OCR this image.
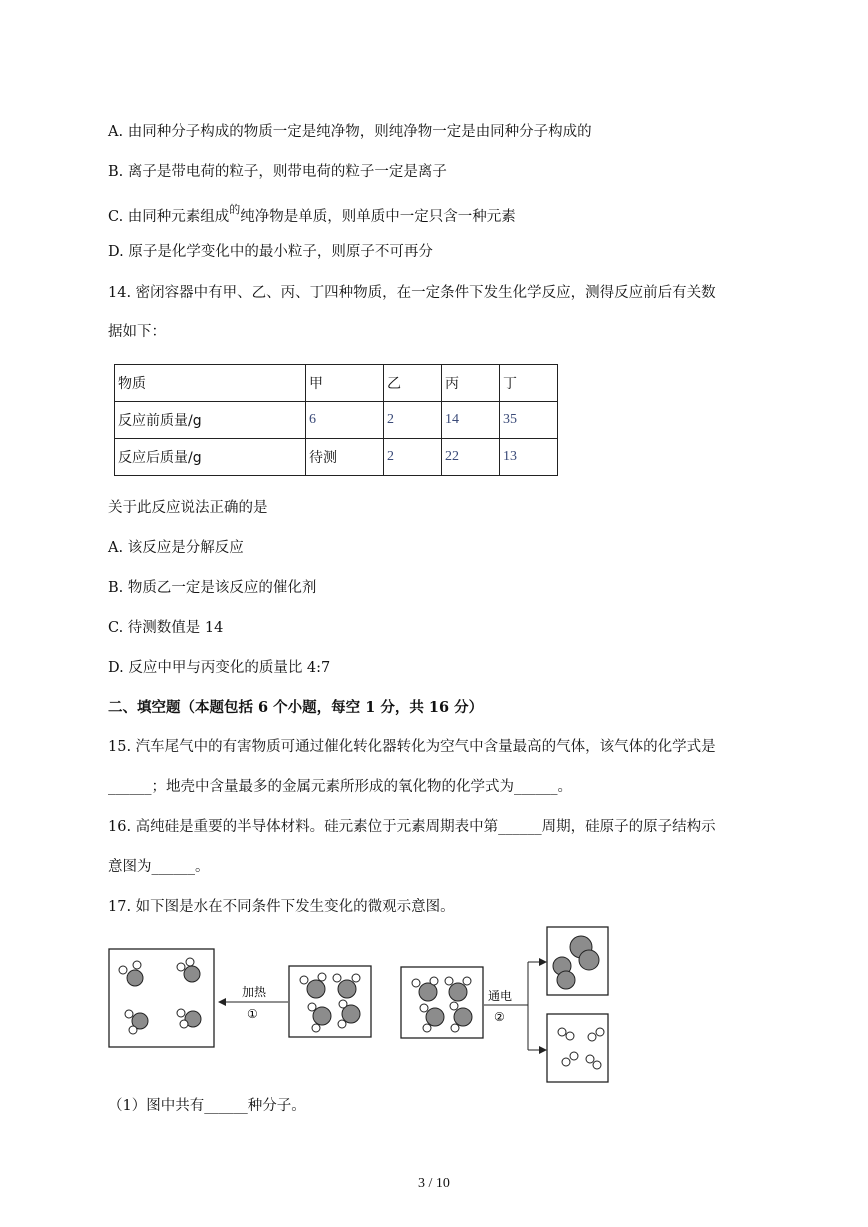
A. 由同种分子构成的物质一定是纯净物，则纯净物一定是由同种分子构成的
B. 离子是带电荷的粒子，则带电荷的粒子一定是离子
C. 由同种元素组成$^的$纯净物是单质，则单质中一定只含一种元素
D. 原子是化学变化中的最小粒子，则原子不可再分
14. 密闭容器中有甲、乙、丙、丁四种物质，在一定条件下发生化学反应，测得反应前后有关数
据如下：
物质	甲	乙	丙	丁
反应前质量/g	6	2	14	35
反应后质量/g	待测	2	22	13
关于此反应说法正确的是
A. 该反应是分解反应
B. 物质乙一定是该反应的催化剂
C. 待测数值是 14
D. 反应中甲与丙变化的质量比 4:7
二、填空题（本题包括 6 个小题，每空 1 分，共 16 分）
15. 汽车尾气中的有害物质可通过催化转化器转化为空气中含量最高的气体，该气体的化学式是
______；地壳中含量最多的金属元素所形成的氧化物的化学式为______。
16. 高纯硅是重要的半导体材料。硅元素位于元素周期表中第______周期，硅原子的原子结构示
意图为______。
17. 如下图是水在不同条件下发生变化的微观示意图。
加热
①
通电
②
（1）图中共有______种分子。
3 / 10
